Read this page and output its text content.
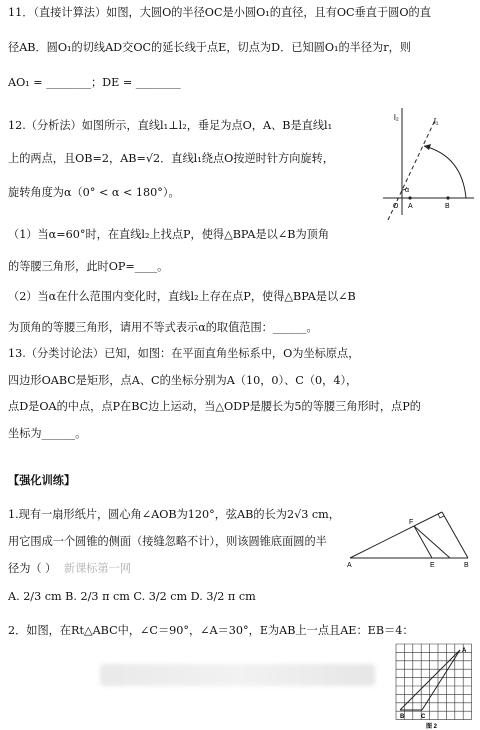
11．（直接计算法）如图，大圆O的半径OC是小圆O₁的直径，且有OC垂直于圆O的直
径AB．圆O₁的切线AD交OC的延长线于点E，切点为D．已知圆O₁的半径为r，则
AO₁ = ________；DE = ________
12.（分析法）如图所示，直线l₁⊥l₂，垂足为点O，A、B是直线l₁
上的两点，且OB=2，AB=√2．直线l₁绕点O按逆时针方向旋转，
旋转角度为α（0° < α < 180°）。
（1）当α=60°时，在直线l₂上找点P，使得△BPA是以∠B为顶角
的等腰三角形，此时OP=____。
（2）当α在什么范围内变化时，直线l₂上存在点P，使得△BPA是以∠B
为顶角的等腰三角形，请用不等式表示α的取值范围：______。
13.（分类讨论法）已知，如图：在平面直角坐标系中，O为坐标原点，
四边形OABC是矩形，点A、C的坐标分别为A（10，0）、C（0，4），
点D是OA的中点，点P在BC边上运动，当△ODP是腰长为5的等腰三角形时，点P的
坐标为______。
【强化训练】
1.现有一扇形纸片，圆心角∠AOB为120°，弦AB的长为2√3 cm，
用它围成一个圆锥的侧面（接缝忽略不计），则该圆锥底面圆的半
径为（ ） 新课标第一网
A. 2/3 cm B. 2/3 π cm C. 3/2 cm D. 3/2 π cm
2．如图，在Rt△ABC中，∠C＝90°，∠A＝30°，E为AB上一点且AE：EB＝4：
l₂	l₁
α
O A	B
A
F
E	B
A
B	C
图 2
